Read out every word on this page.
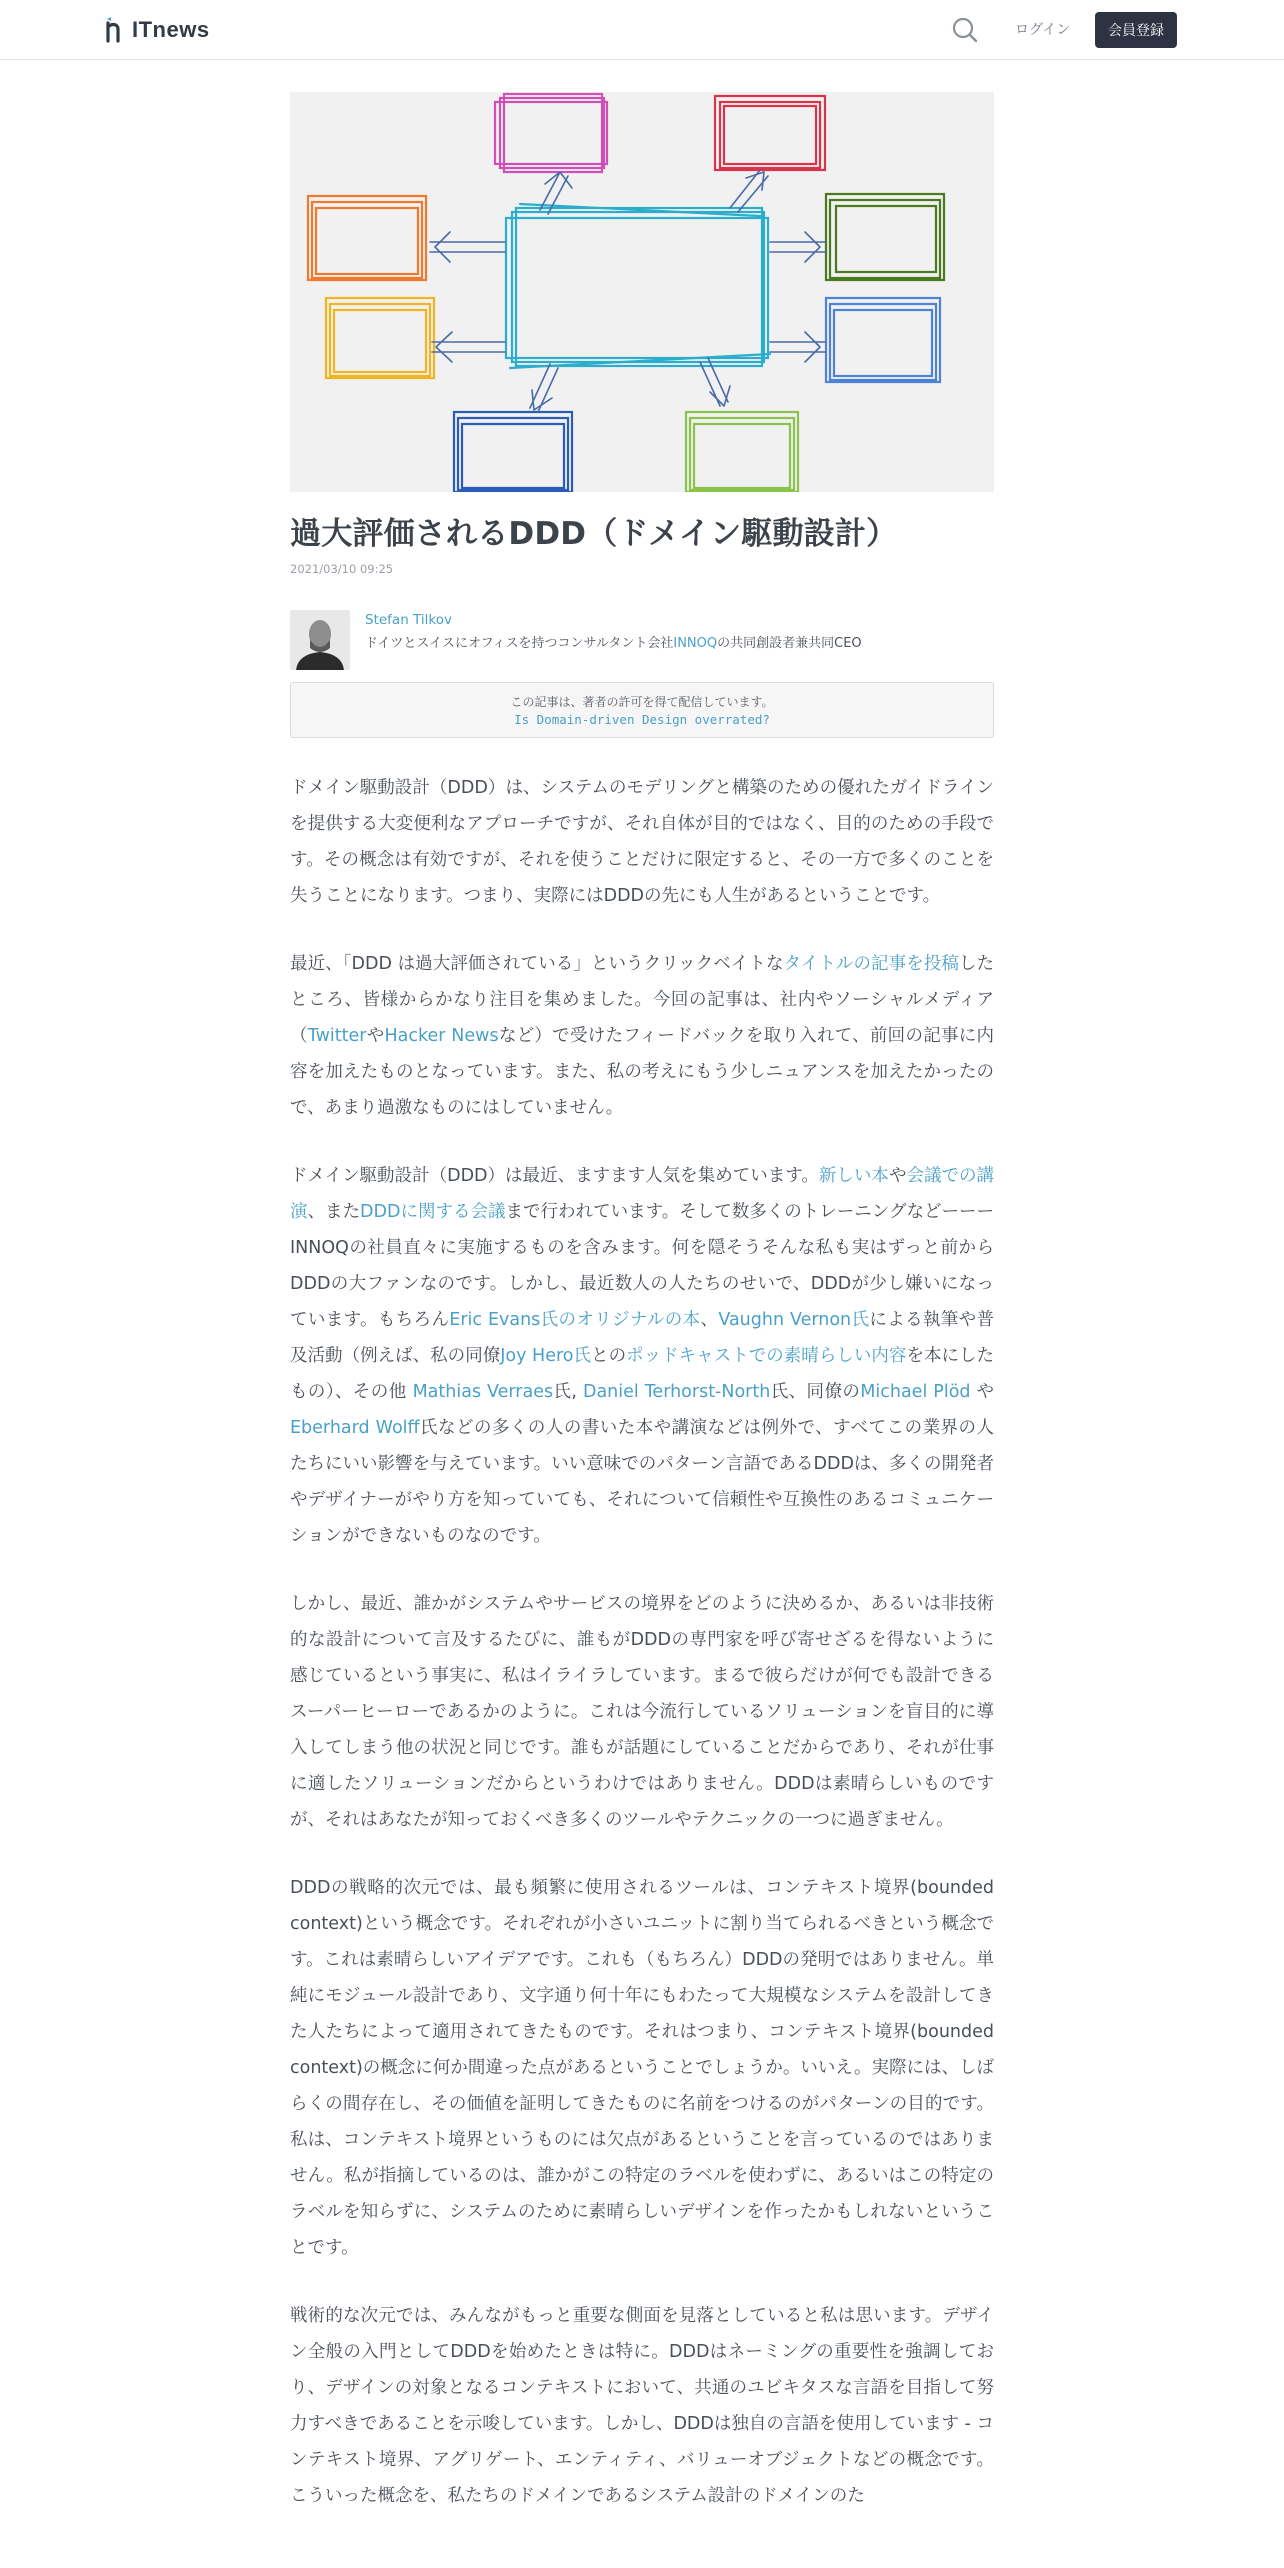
ITnews	ログイン	会員登録
過大評価されるDDD（ドメイン駆動設計）
2021/03/10 09:25
Stefan Tilkov
ドイツとスイスにオフィスを持つコンサルタント会社INNOQの共同創設者兼共同CEO
この記事は、著者の許可を得て配信しています。
Is Domain-driven Design overrated?

ドメイン駆動設計（DDD）は、システムのモデリングと構築のための優れたガイドラインを提供する大変便利なアプローチですが、それ自体が目的ではなく、目的のための手段です。その概念は有効ですが、それを使うことだけに限定すると、その一方で多くのことを失うことになります。つまり、実際にはDDDの先にも人生があるということです。

最近、「DDD は過大評価されている」というクリックベイトなタイトルの記事を投稿したところ、皆様からかなり注目を集めました。今回の記事は、社内やソーシャルメディア（TwitterやHacker Newsなど）で受けたフィードバックを取り入れて、前回の記事に内容を加えたものとなっています。また、私の考えにもう少しニュアンスを加えたかったので、あまり過激なものにはしていません。

ドメイン駆動設計（DDD）は最近、ますます人気を集めています。新しい本や会議での講演、またDDDに関する会議まで行われています。そして数多くのトレーニングなどーーーINNOQの社員直々に実施するものを含みます。何を隠そうそんな私も実はずっと前からDDDの大ファンなのです。しかし、最近数人の人たちのせいで、DDDが少し嫌いになっています。もちろんEric Evans氏のオリジナルの本、Vaughn Vernon氏による執筆や普及活動（例えば、私の同僚Joy Hero氏とのポッドキャストでの素晴らしい内容を本にしたもの）、その他 Mathias Verraes氏, Daniel Terhorst-North氏、同僚のMichael Plöd やEberhard Wolff氏などの多くの人の書いた本や講演などは例外で、すべてこの業界の人たちにいい影響を与えています。いい意味でのパターン言語であるDDDは、多くの開発者やデザイナーがやり方を知っていても、それについて信頼性や互換性のあるコミュニケーションができないものなのです。

しかし、最近、誰かがシステムやサービスの境界をどのように決めるか、あるいは非技術的な設計について言及するたびに、誰もがDDDの専門家を呼び寄せざるを得ないように感じているという事実に、私はイライラしています。まるで彼らだけが何でも設計できるスーパーヒーローであるかのように。これは今流行しているソリューションを盲目的に導入してしまう他の状況と同じです。誰もが話題にしていることだからであり、それが仕事に適したソリューションだからというわけではありません。DDDは素晴らしいものですが、それはあなたが知っておくべき多くのツールやテクニックの一つに過ぎません。

DDDの戦略的次元では、最も頻繁に使用されるツールは、コンテキスト境界(bounded context)という概念です。それぞれが小さいユニットに割り当てられるべきという概念です。これは素晴らしいアイデアです。これも（もちろん）DDDの発明ではありません。単純にモジュール設計であり、文字通り何十年にもわたって大規模なシステムを設計してきた人たちによって適用されてきたものです。それはつまり、コンテキスト境界(bounded context)の概念に何か間違った点があるということでしょうか。いいえ。実際には、しばらくの間存在し、その価値を証明してきたものに名前をつけるのがパターンの目的です。私は、コンテキスト境界というものには欠点があるということを言っているのではありません。私が指摘しているのは、誰かがこの特定のラベルを使わずに、あるいはこの特定のラベルを知らずに、システムのために素晴らしいデザインを作ったかもしれないということです。

戦術的な次元では、みんながもっと重要な側面を見落としていると私は思います。デザイン全般の入門としてDDDを始めたときは特に。DDDはネーミングの重要性を強調しており、デザインの対象となるコンテキストにおいて、共通のユビキタスな言語を目指して努力すべきであることを示唆しています。しかし、DDDは独自の言語を使用しています - コンテキスト境界、アグリゲート、エンティティ、バリューオブジェクトなどの概念です。こういった概念を、私たちのドメインであるシステム設計のドメインのた
